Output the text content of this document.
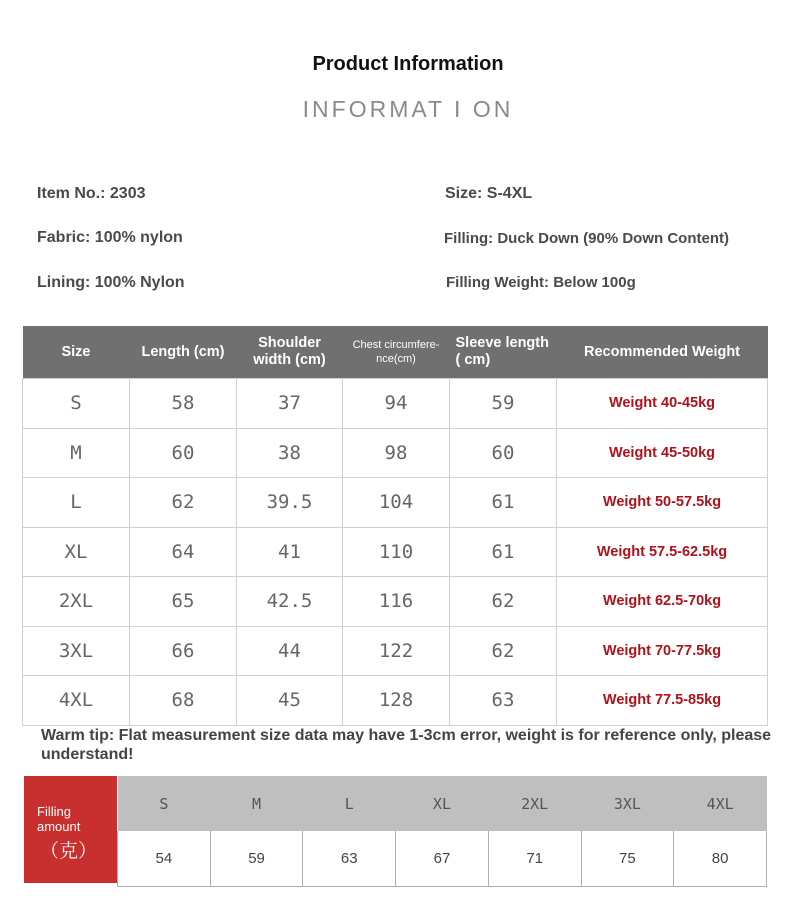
Product Information
INFORMAT I ON
Item No.: 2303
Fabric: 100% nylon
Lining: 100% Nylon
Size: S-4XL
Filling: Duck Down (90% Down Content)
Filling Weight: Below 100g
Size	Length (cm)	Shoulder width (cm)	Chest circumfere-nce(cm)	Sleeve length ( cm)	Recommended Weight
S	58	37	94	59	Weight 40-45kg
M	60	38	98	60	Weight 45-50kg
L	62	39.5	104	61	Weight 50-57.5kg
XL	64	41	110	61	Weight 57.5-62.5kg
2XL	65	42.5	116	62	Weight 62.5-70kg
3XL	66	44	122	62	Weight 70-77.5kg
4XL	68	45	128	63	Weight 77.5-85kg
Warm tip: Flat measurement size data may have 1-3cm error, weight is for reference only, please understand!
Filling amount
（克）
S	M	L	XL	2XL	3XL	4XL
54	59	63	67	71	75	80
